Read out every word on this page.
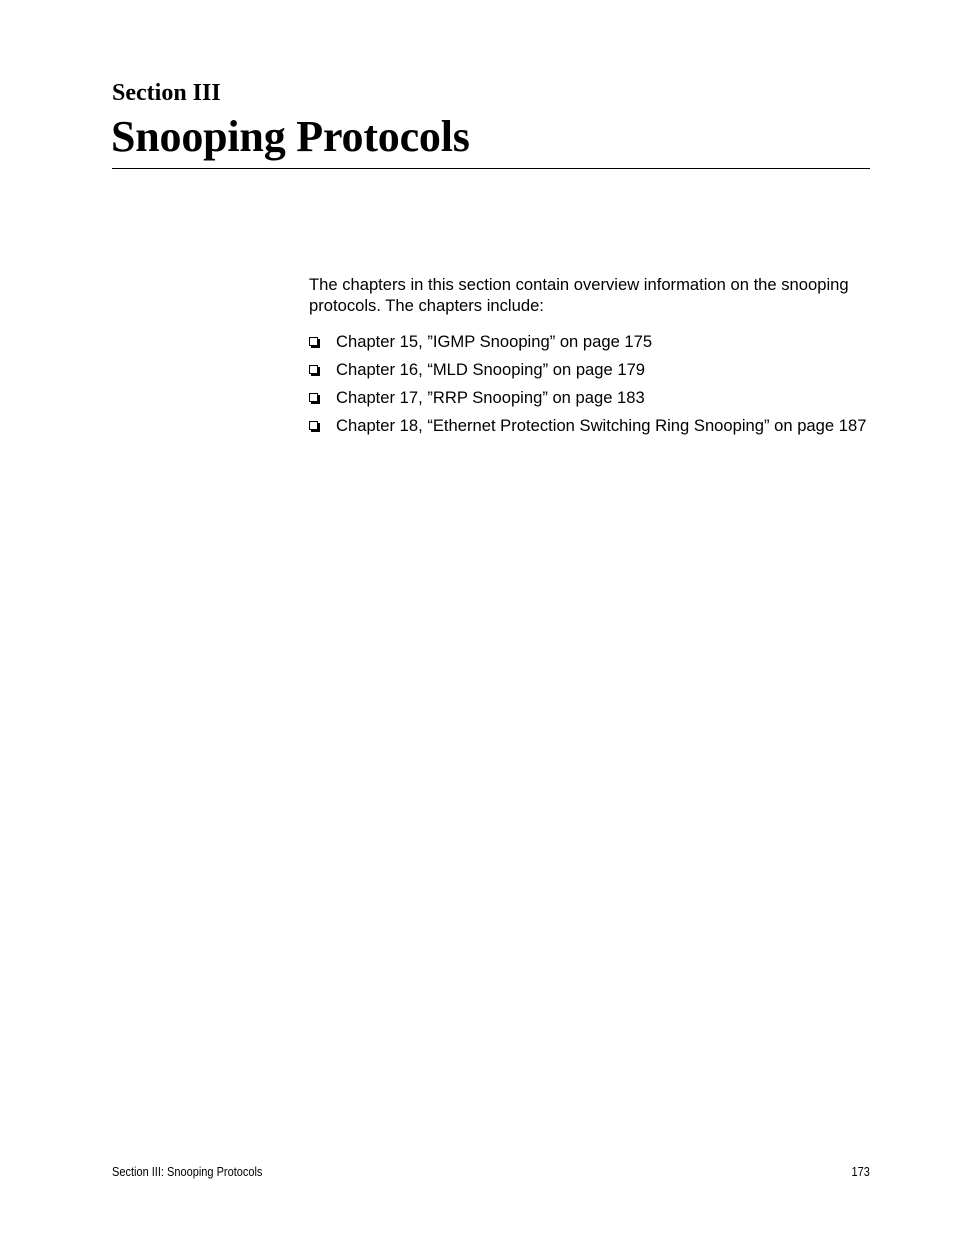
Section III
Snooping Protocols

The chapters in this section contain overview information on the snooping protocols. The chapters include:

Chapter 15, ”IGMP Snooping” on page 175
Chapter 16, “MLD Snooping” on page 179
Chapter 17, ”RRP Snooping” on page 183
Chapter 18, “Ethernet Protection Switching Ring Snooping” on page 187
Section III: Snooping Protocols	173
